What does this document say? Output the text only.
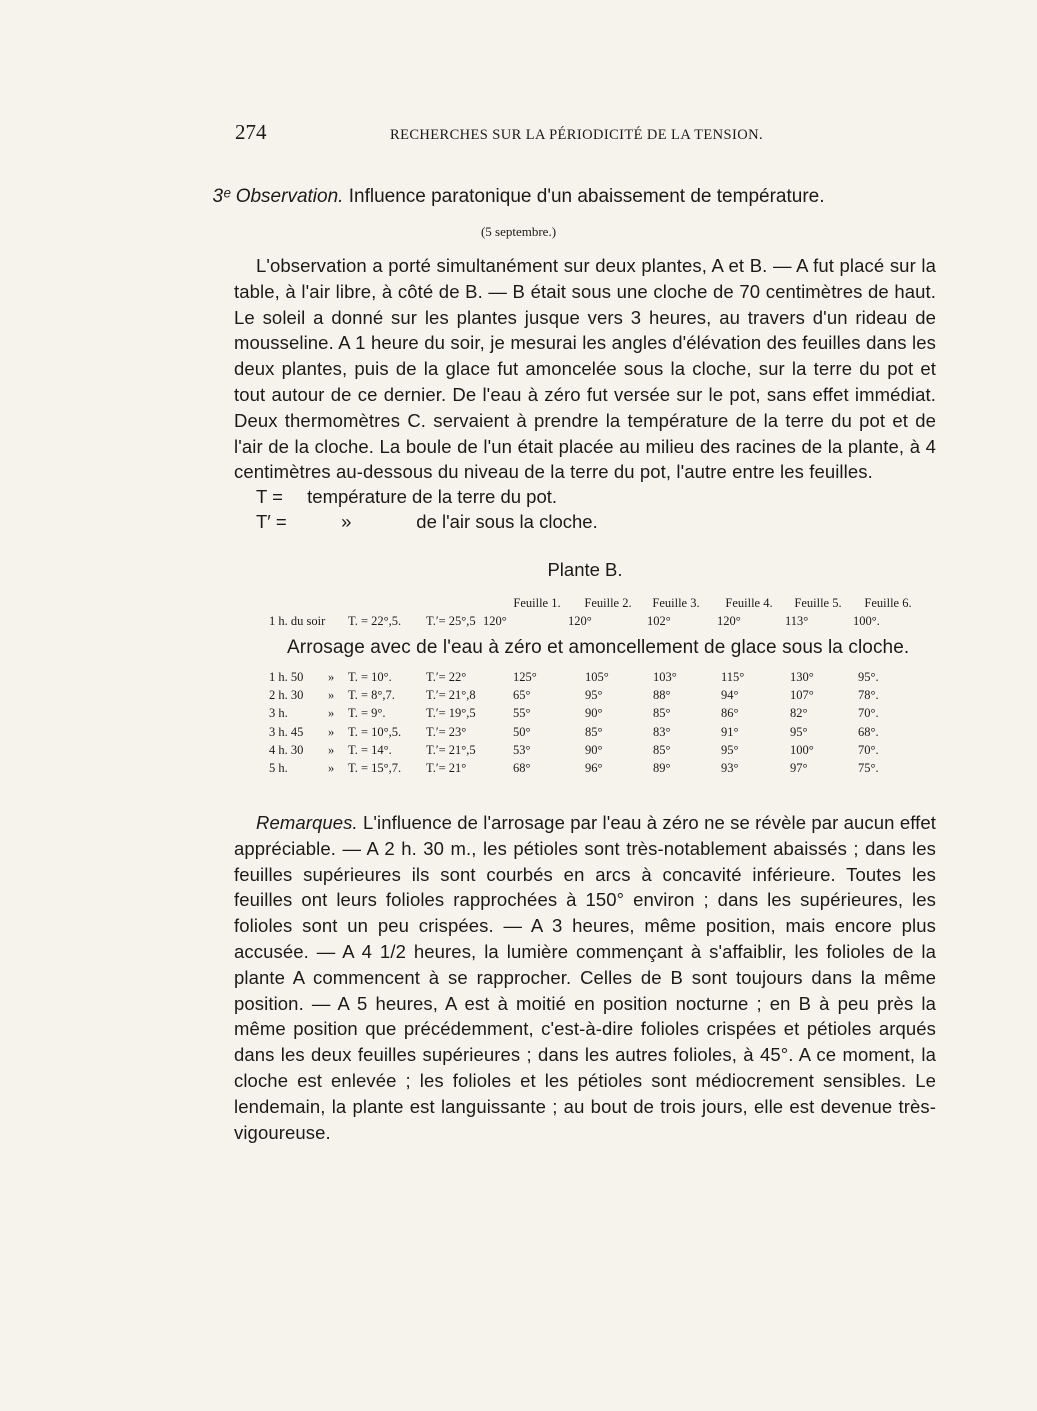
274	RECHERCHES SUR LA PÉRIODICITÉ DE LA TENSION.
3ᵉ Observation. Influence paratonique d'un abaissement de température.
(5 septembre.)

L'observation a porté simultanément sur deux plantes, A et B. — A fut placé sur la table, à l'air libre, à côté de B. — B était sous une cloche de 70 centimètres de haut. Le soleil a donné sur les plantes jusque vers 3 heures, au travers d'un rideau de mousseline. A 1 heure du soir, je mesurai les angles d'élévation des feuilles dans les deux plantes, puis de la glace fut amoncelée sous la cloche, sur la terre du pot et tout autour de ce dernier. De l'eau à zéro fut versée sur le pot, sans effet immédiat. Deux thermomètres C. servaient à prendre la température de la terre du pot et de l'air de la cloche. La boule de l'un était placée au milieu des racines de la plante, à 4 centimètres au-dessous du niveau de la terre du pot, l'autre entre les feuilles.

T = température de la terre du pot.
T′ =	»	de l'air sous la cloche.
Plante B.
Feuille 1.	Feuille 2.	Feuille 3.	Feuille 4.	Feuille 5.	Feuille 6.
1 h. du soir T. = 22°,5. T.′= 25°,5 120°	120°	102°	120°	113°	100°.
1 h. 50 » T. = 10°.	T.′= 22°	125°	105°	103°	115°	130°	95°.
2 h. 30 » T. = 8°,7. T.′= 21°,8	65°	95°	88°	94°	107°	78°.
3 h.	» T. = 9°.	T.′= 19°,5	55°	90°	85°	86°	82°	70°.
3 h. 45 » T. = 10°,5. T.′= 23°	50°	85°	83°	91°	95°	68°.
4 h. 30 » T. = 14°.	T.′= 21°,5	53°	90°	85°	95°	100°	70°.
5 h.	» T. = 15°,7. T.′= 21°	68°	96°	89°	93°	97°	75°.
Arrosage avec de l'eau à zéro et amoncellement de glace sous la cloche.

Remarques. L'influence de l'arrosage par l'eau à zéro ne se révèle par aucun effet appréciable. — A 2 h. 30 m., les pétioles sont très-notablement abaissés ; dans les feuilles supérieures ils sont courbés en arcs à concavité inférieure. Toutes les feuilles ont leurs folioles rapprochées à 150° environ ; dans les supérieures, les folioles sont un peu crispées. — A 3 heures, même position, mais encore plus accusée. — A 4 1/2 heures, la lumière commençant à s'affaiblir, les folioles de la plante A commencent à se rapprocher. Celles de B sont toujours dans la même position. — A 5 heures, A est à moitié en position nocturne ; en B à peu près la même position que précédemment, c'est-à-dire folioles crispées et pétioles arqués dans les deux feuilles supérieures ; dans les autres folioles, à 45°. A ce moment, la cloche est enlevée ; les folioles et les pétioles sont médiocrement sensibles. Le lendemain, la plante est languissante ; au bout de trois jours, elle est devenue très-vigoureuse.
